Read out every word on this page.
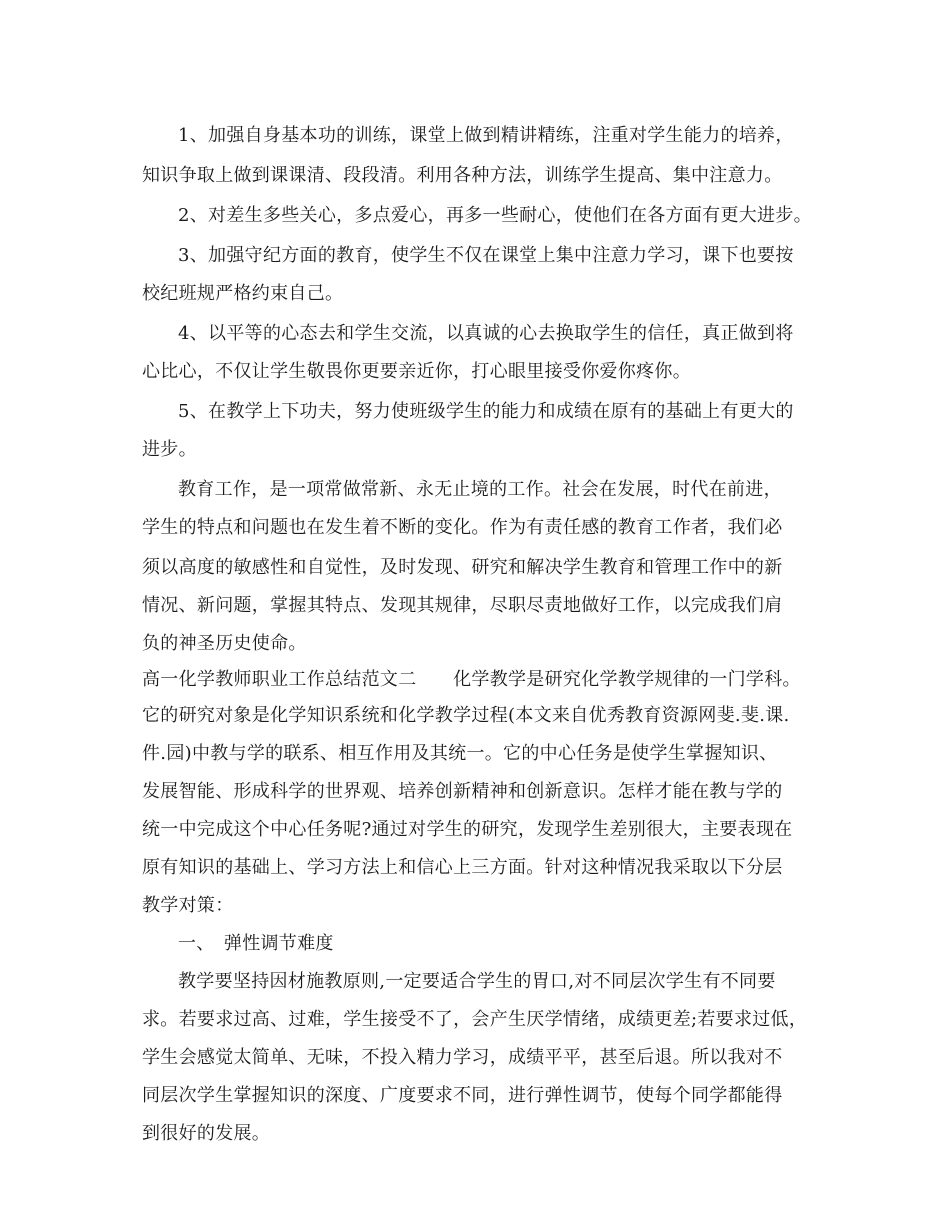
1、加强自身基本功的训练，课堂上做到精讲精练，注重对学生能力的培养，
知识争取上做到课课清、段段清。利用各种方法，训练学生提高、集中注意力。
2、对差生多些关心，多点爱心，再多一些耐心，使他们在各方面有更大进步。
3、加强守纪方面的教育，使学生不仅在课堂上集中注意力学习，课下也要按
校纪班规严格约束自己。
4、以平等的心态去和学生交流，以真诚的心去换取学生的信任，真正做到将
心比心，不仅让学生敬畏你更要亲近你，打心眼里接受你爱你疼你。
5、在教学上下功夫，努力使班级学生的能力和成绩在原有的基础上有更大的
进步。
教育工作，是一项常做常新、永无止境的工作。社会在发展，时代在前进，
学生的特点和问题也在发生着不断的变化。作为有责任感的教育工作者，我们必
须以高度的敏感性和自觉性，及时发现、研究和解决学生教育和管理工作中的新
情况、新问题，掌握其特点、发现其规律，尽职尽责地做好工作，以完成我们肩
负的神圣历史使命。
高一化学教师职业工作总结范文二　　化学教学是研究化学教学规律的一门学科。
它的研究对象是化学知识系统和化学教学过程(本文来自优秀教育资源网斐.斐.课.
件.园)中教与学的联系、相互作用及其统一。它的中心任务是使学生掌握知识、
发展智能、形成科学的世界观、培养创新精神和创新意识。怎样才能在教与学的
统一中完成这个中心任务呢?通过对学生的研究，发现学生差别很大，主要表现在
原有知识的基础上、学习方法上和信心上三方面。针对这种情况我采取以下分层
教学对策：
一、　弹性调节难度
教学要坚持因材施教原则,一定要适合学生的胃口,对不同层次学生有不同要
求。若要求过高、过难，学生接受不了，会产生厌学情绪，成绩更差;若要求过低，
学生会感觉太简单、无味，不投入精力学习，成绩平平，甚至后退。所以我对不
同层次学生掌握知识的深度、广度要求不同，进行弹性调节，使每个同学都能得
到很好的发展。
